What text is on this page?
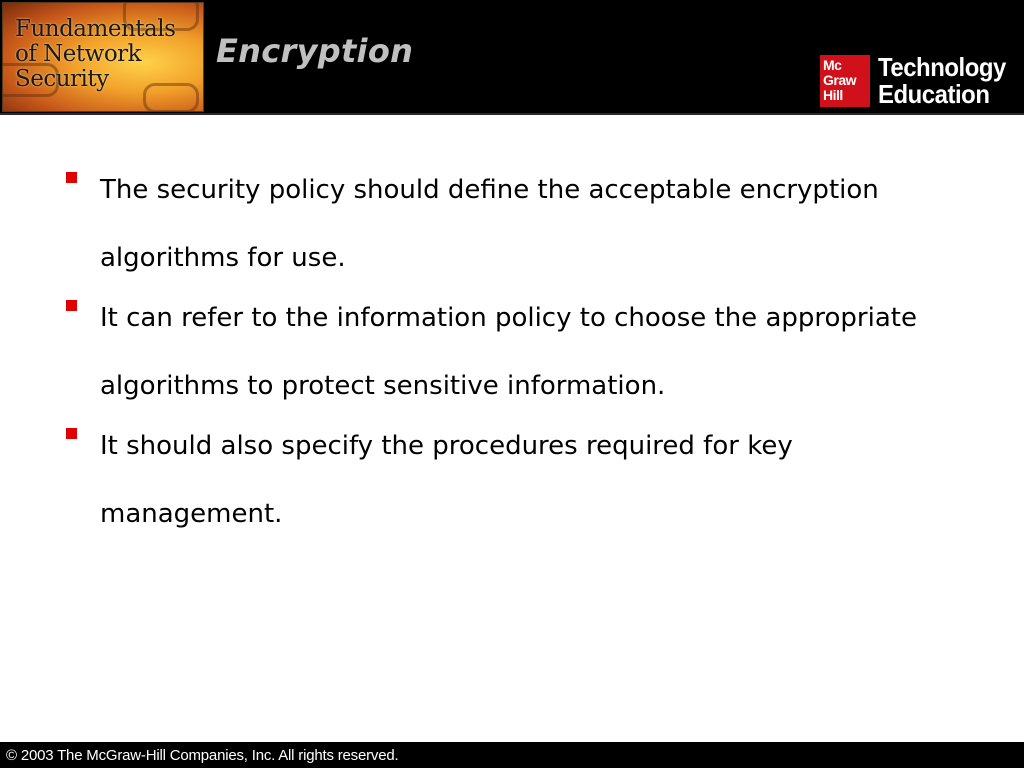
Fundamentals
of Network
Security
Encryption	Mc
Graw
Hill
Technology
Education
The security policy should define the acceptable encryption algorithms for use.
It can refer to the information policy to choose the appropriate algorithms to protect sensitive information.
It should also specify the procedures required for key management.
© 2003 The McGraw-Hill Companies, Inc. All rights reserved.
